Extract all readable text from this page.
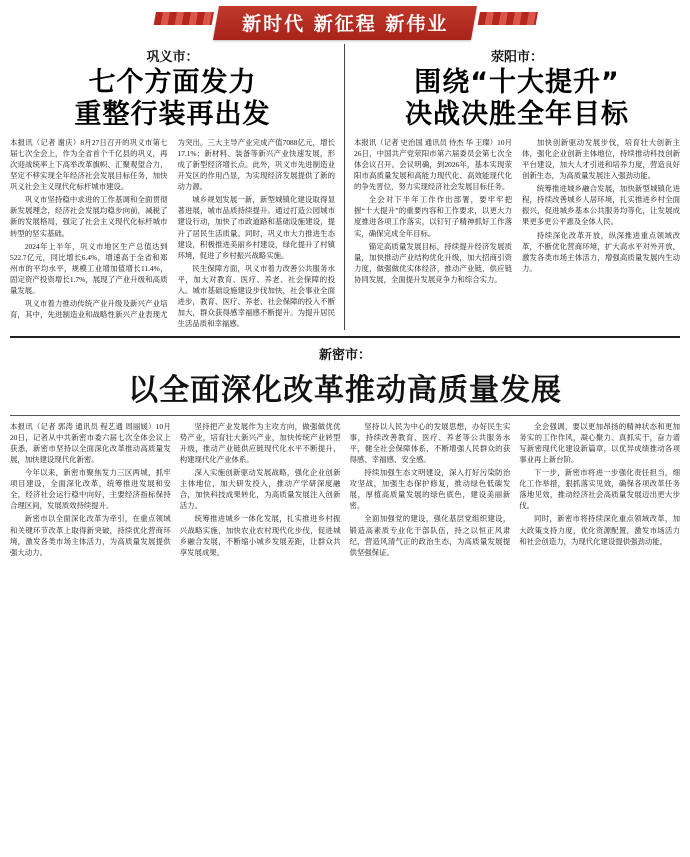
新时代 新征程 新伟业
巩义市：
七个方面发力
重整行装再出发

本报讯（记者 谢庆）8月27日召开的巩义市第七届七次全会上，作为全省首个千亿县的巩义，再次迎战统率上下高举改革旗帜、汇聚观望合力，坚定不移实现全年经济社会发展目标任务，加快巩义社会主义现代化标杆城市建设。

巩义市坚持稳中求进的工作基调和全面贯彻新发展理念，经济社会发展均稳步向前，减税了新的发展格局，强定了社会主义现代化标杆城市转型的坚实基础。

2024年上半年，巩义市地区生产总值达到522.7亿元，同比增长6.4%，增速高于全省和郑州市的平均水平，规模工业增加值增长11.4%，固定资产投资增长1.7%，展现了产业升级和高质量发展。

巩义市着力推动传统产业升级及新兴产业培育，其中，先进制造业和战略性新兴产业表现尤为突出。三大主导产业完成产值7088亿元，增长17.1%；新材料、装备等新兴产业快速发展，形成了新型经济增长点。此外，巩义市先进制造业开发区的作用凸显，为实现经济发展提供了新的动力源。

城乡规划发展一新，新型城镇化建设取得显著进展，城市品质持续提升。通过打造公园城市建设行动，加快了市政道路和基础设施建设，提升了居民生活质量。同时，巩义市大力推进生态建设，积极推进美丽乡村建设，绿化提升了村镇环境，促进了乡村振兴战略实施。

民生保障方面，巩义市着力改善公共服务水平，加大对教育、医疗、养老、社会保障的投入。城市基础设施建设步伐加快，社会事业全面进步，教育、医疗、养老、社会保障的投入不断加大，群众获得感幸福感不断提升。为提升居民生活品质和幸福感。

荥阳市：
围绕“十大提升”
决战决胜全年目标

本报讯（记者 史治国 通讯员 侍杰 华 王璨）10月26日，中国共产党荥阳市第六届委员会第七次全体会议召开。会议明确，到2026年，基本实现荥阳市高质量发展和高能力现代化、高效能现代化的争先晋位，努力实现经济社会发展目标任务。

全会对下半年工作作出部署，要牢牢把握“十大提升”的重要内容和工作要求，以更大力度推进各项工作落实，以钉钉子精神抓好工作落实，确保完成全年目标。

锚定高质量发展目标，持续提升经济发展质量，加快推动产业结构优化升级，加大招商引资力度，做强做优实体经济，推动产业链、供应链协同发展，全面提升发展竞争力和综合实力。

加快创新驱动发展步伐，培育壮大创新主体，强化企业创新主体地位，持续推动科技创新平台建设，加大人才引进和培养力度，营造良好创新生态，为高质量发展注入强劲动能。

统筹推进城乡融合发展，加快新型城镇化进程，持续改善城乡人居环境，扎实推进乡村全面振兴，促进城乡基本公共服务均等化，让发展成果更多更公平惠及全体人民。

持续深化改革开放，纵深推进重点领域改革，不断优化营商环境，扩大高水平对外开放，激发各类市场主体活力，增强高质量发展内生动力。

新密市：
以全面深化改革推动高质量发展

本报讯（记者 郭涛 通讯员 程艺通 周丽媛）10月20日，记者从中共新密市委六届七次全体会议上获悉，新密市坚持以全面深化改革推动高质量发展，加快建设现代化新密。

今年以来，新密市聚焦发力三区两城，抓牢项目建设，全面深化改革，统筹推进发展和安全，经济社会运行稳中向好，主要经济指标保持合理区间，发展质效持续提升。

新密市以全面深化改革为牵引，在重点领域和关键环节改革上取得新突破，持续优化营商环境，激发各类市场主体活力，为高质量发展提供强大动力。

坚持把产业发展作为主攻方向，做强做优优势产业，培育壮大新兴产业，加快传统产业转型升级，推动产业链供应链现代化水平不断提升，构建现代化产业体系。

深入实施创新驱动发展战略，强化企业创新主体地位，加大研发投入，推动产学研深度融合，加快科技成果转化，为高质量发展注入创新活力。

统筹推进城乡一体化发展，扎实推进乡村振兴战略实施，加快农业农村现代化步伐，促进城乡融合发展，不断缩小城乡发展差距，让群众共享发展成果。

坚持以人民为中心的发展思想，办好民生实事，持续改善教育、医疗、养老等公共服务水平，健全社会保障体系，不断增强人民群众的获得感、幸福感、安全感。

持续加强生态文明建设，深入打好污染防治攻坚战，加强生态保护修复，推动绿色低碳发展，厚植高质量发展的绿色底色，建设美丽新密。

全面加强党的建设，强化基层党组织建设，锻造高素质专业化干部队伍，持之以恒正风肃纪，营造风清气正的政治生态，为高质量发展提供坚强保证。

全会强调，要以更加昂扬的精神状态和更加务实的工作作风，凝心聚力、真抓实干，奋力谱写新密现代化建设新篇章，以优异成绩推动各项事业再上新台阶。

下一步，新密市将进一步强化责任担当，细化工作举措，狠抓落实见效，确保各项改革任务落地见效，推动经济社会高质量发展迈出更大步伐。

同时，新密市将持续深化重点领域改革，加大政策支持力度，优化资源配置，激发市场活力和社会创造力，为现代化建设提供强劲动能。
